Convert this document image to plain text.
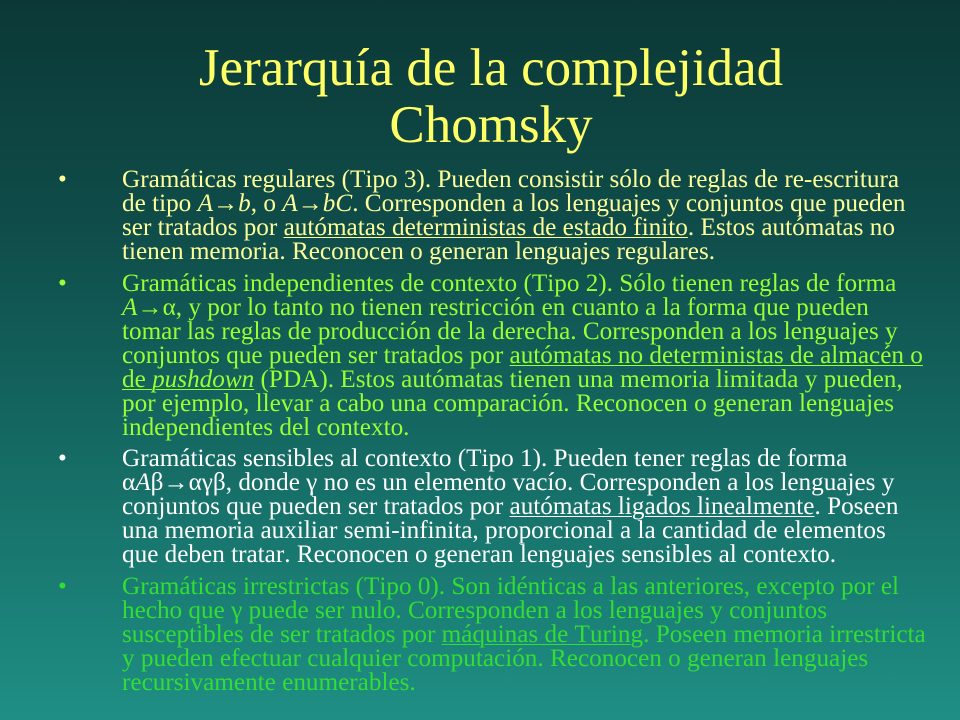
Jerarquía de la complejidad
Chomsky
• Gramáticas regulares (Tipo 3). Pueden consistir sólo de reglas de re-escritura
de tipo A→b, o A→bC. Corresponden a los lenguajes y conjuntos que pueden
ser tratados por autómatas deterministas de estado finito. Estos autómatas no
tienen memoria. Reconocen o generan lenguajes regulares.
• Gramáticas independientes de contexto (Tipo 2). Sólo tienen reglas de forma
A→α, y por lo tanto no tienen restricción en cuanto a la forma que pueden
tomar las reglas de producción de la derecha. Corresponden a los lenguajes y
conjuntos que pueden ser tratados por autómatas no deterministas de almacén o
de pushdown (PDA). Estos autómatas tienen una memoria limitada y pueden,
por ejemplo, llevar a cabo una comparación. Reconocen o generan lenguajes
independientes del contexto.
• Gramáticas sensibles al contexto (Tipo 1). Pueden tener reglas de forma
αAβ→αγβ, donde γ no es un elemento vacío. Corresponden a los lenguajes y
conjuntos que pueden ser tratados por autómatas ligados linealmente. Poseen
una memoria auxiliar semi-infinita, proporcional a la cantidad de elementos
que deben tratar. Reconocen o generan lenguajes sensibles al contexto.
• Gramáticas irrestrictas (Tipo 0). Son idénticas a las anteriores, excepto por el
hecho que γ puede ser nulo. Corresponden a los lenguajes y conjuntos
susceptibles de ser tratados por máquinas de Turing. Poseen memoria irrestricta
y pueden efectuar cualquier computación. Reconocen o generan lenguajes
recursivamente enumerables.
